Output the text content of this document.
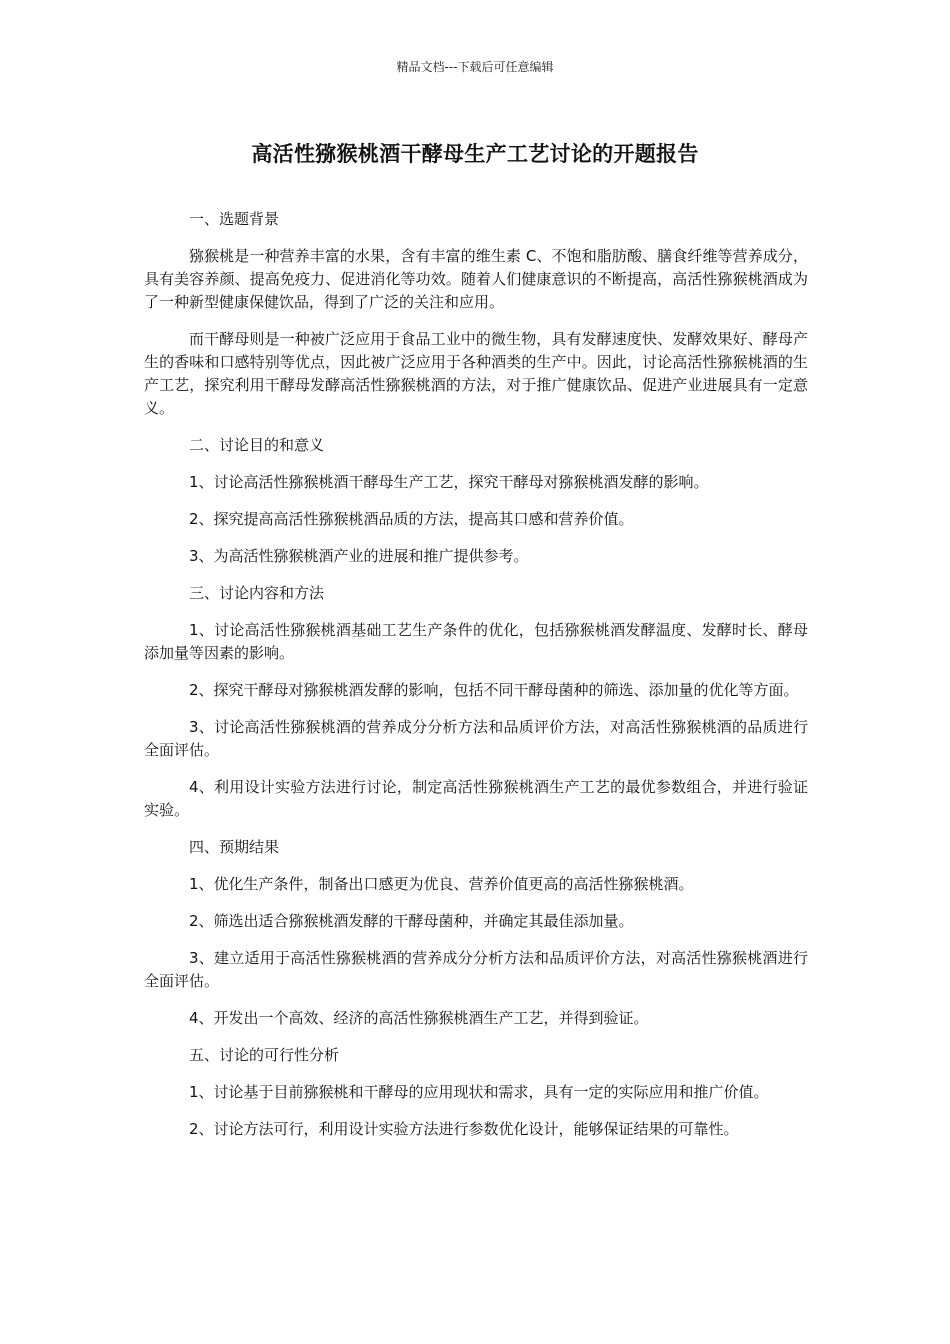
精品文档---下载后可任意编辑
高活性猕猴桃酒干酵母生产工艺讨论的开题报告

一、选题背景

猕猴桃是一种营养丰富的水果，含有丰富的维生素 C、不饱和脂肪酸、膳食纤维等营养成分，具有美容养颜、提高免疫力、促进消化等功效。随着人们健康意识的不断提高，高活性猕猴桃酒成为了一种新型健康保健饮品，得到了广泛的关注和应用。

而干酵母则是一种被广泛应用于食品工业中的微生物，具有发酵速度快、发酵效果好、酵母产生的香味和口感特别等优点，因此被广泛应用于各种酒类的生产中。因此，讨论高活性猕猴桃酒的生产工艺，探究利用干酵母发酵高活性猕猴桃酒的方法，对于推广健康饮品、促进产业进展具有一定意义。

二、讨论目的和意义

1、讨论高活性猕猴桃酒干酵母生产工艺，探究干酵母对猕猴桃酒发酵的影响。

2、探究提高高活性猕猴桃酒品质的方法，提高其口感和营养价值。

3、为高活性猕猴桃酒产业的进展和推广提供参考。

三、讨论内容和方法

1、讨论高活性猕猴桃酒基础工艺生产条件的优化，包括猕猴桃酒发酵温度、发酵时长、酵母添加量等因素的影响。

2、探究干酵母对猕猴桃酒发酵的影响，包括不同干酵母菌种的筛选、添加量的优化等方面。

3、讨论高活性猕猴桃酒的营养成分分析方法和品质评价方法，对高活性猕猴桃酒的品质进行全面评估。

4、利用设计实验方法进行讨论，制定高活性猕猴桃酒生产工艺的最优参数组合，并进行验证实验。

四、预期结果

1、优化生产条件，制备出口感更为优良、营养价值更高的高活性猕猴桃酒。

2、筛选出适合猕猴桃酒发酵的干酵母菌种，并确定其最佳添加量。

3、建立适用于高活性猕猴桃酒的营养成分分析方法和品质评价方法，对高活性猕猴桃酒进行全面评估。

4、开发出一个高效、经济的高活性猕猴桃酒生产工艺，并得到验证。

五、讨论的可行性分析

1、讨论基于目前猕猴桃和干酵母的应用现状和需求，具有一定的实际应用和推广价值。

2、讨论方法可行，利用设计实验方法进行参数优化设计，能够保证结果的可靠性。
